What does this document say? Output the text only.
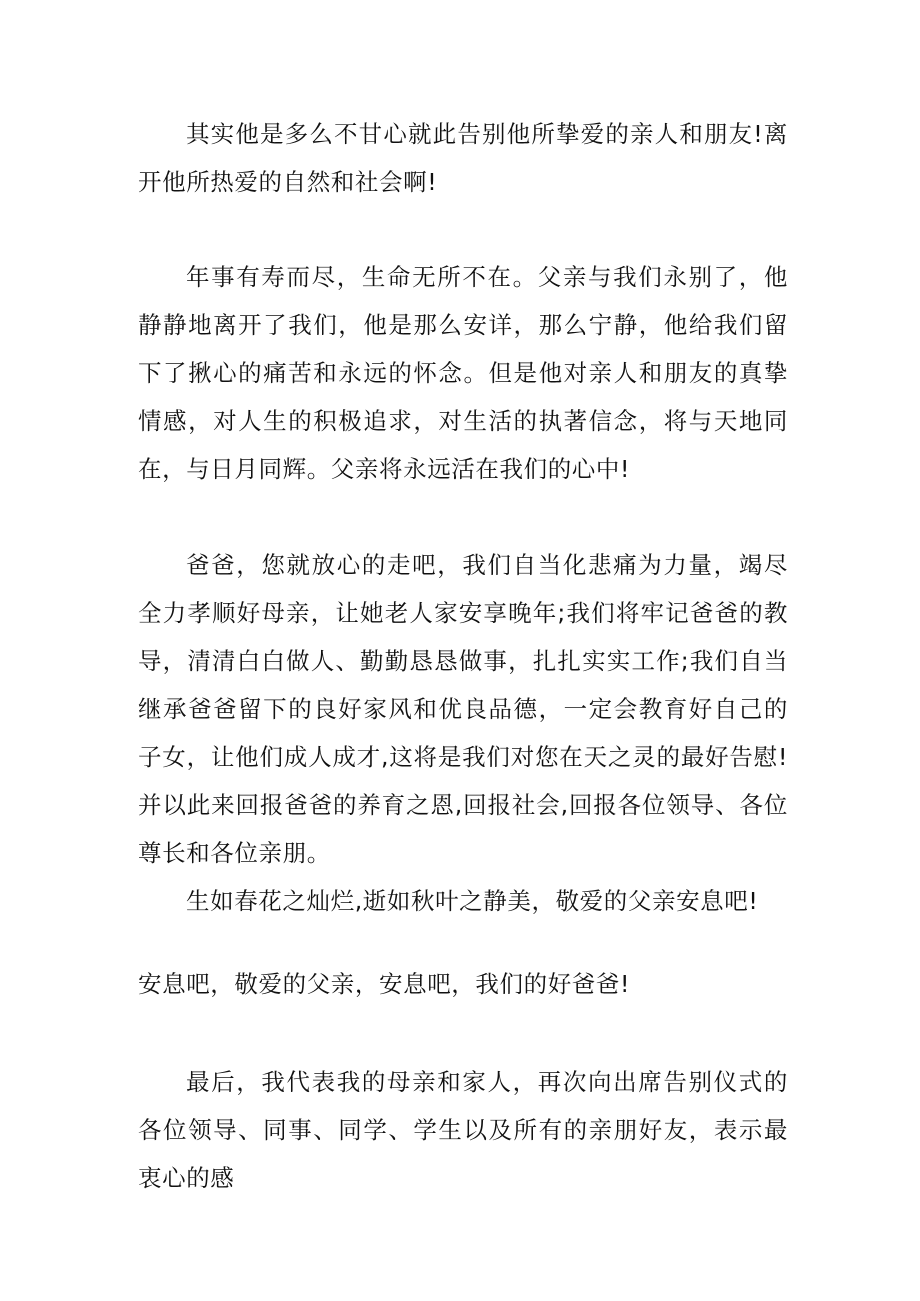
其实他是多么不甘心就此告别他所挚爱的亲人和朋友!离开他所热爱的自然和社会啊!

年事有寿而尽，生命无所不在。父亲与我们永别了，他静静地离开了我们，他是那么安详，那么宁静，他给我们留下了揪心的痛苦和永远的怀念。但是他对亲人和朋友的真挚情感，对人生的积极追求，对生活的执著信念，将与天地同在，与日月同辉。父亲将永远活在我们的心中!

爸爸，您就放心的走吧，我们自当化悲痛为力量，竭尽全力孝顺好母亲，让她老人家安享晚年;我们将牢记爸爸的教导，清清白白做人、勤勤恳恳做事，扎扎实实工作;我们自当继承爸爸留下的良好家风和优良品德，一定会教育好自己的子女，让他们成人成才,这将是我们对您在天之灵的最好告慰!并以此来回报爸爸的养育之恩,回报社会,回报各位领导、各位尊长和各位亲朋。

生如春花之灿烂,逝如秋叶之静美，敬爱的父亲安息吧!

安息吧，敬爱的父亲，安息吧，我们的好爸爸!

最后，我代表我的母亲和家人，再次向出席告别仪式的各位领导、同事、同学、学生以及所有的亲朋好友，表示最衷心的感
